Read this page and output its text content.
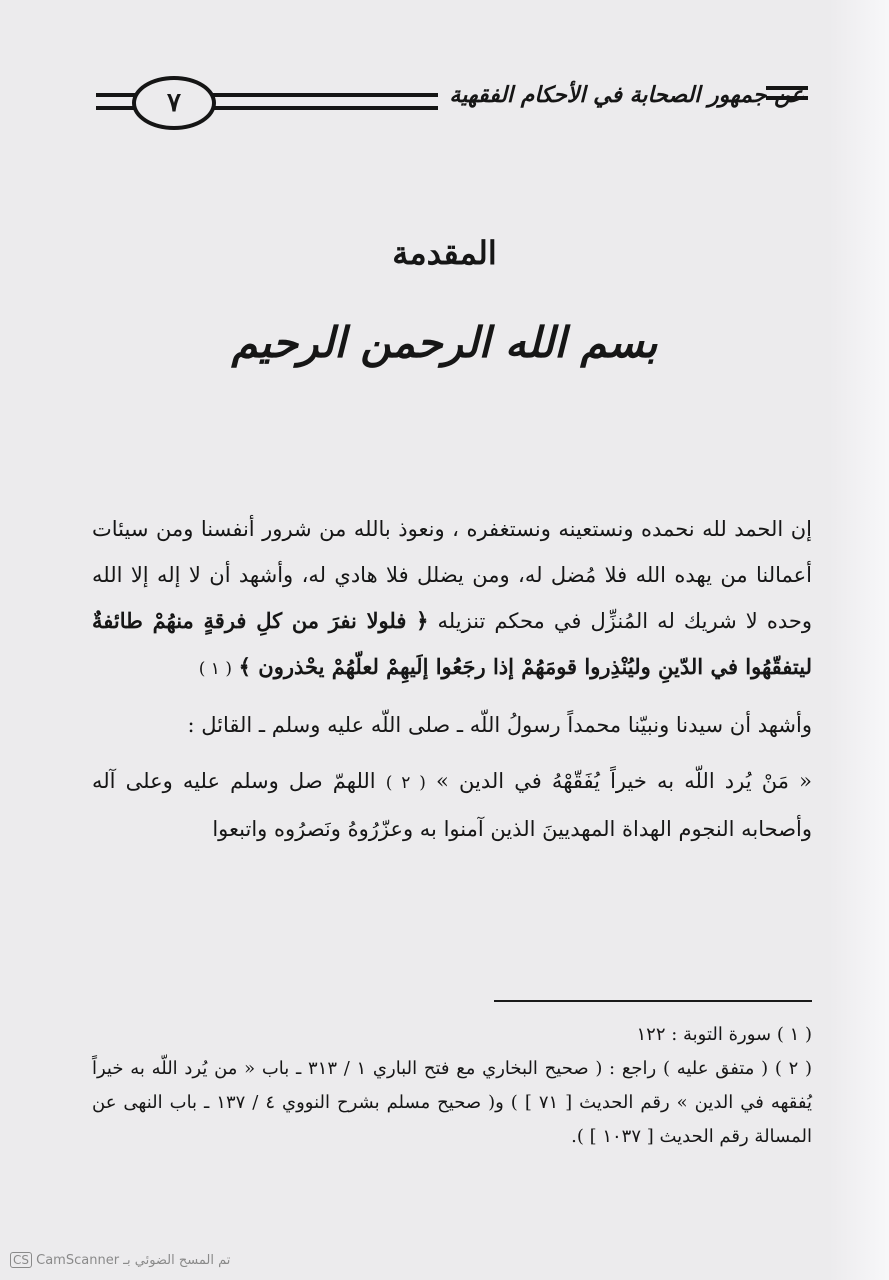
عن جمهور الصحابة في الأحكام الفقهية
٧
المقدمة
بسم الله الرحمن الرحيم

إن الحمد لله نحمده ونستعينه ونستغفره ، ونعوذ بالله من شرور أنفسنا ومن سيئات أعمالنا من يهده الله فلا مُضل له، ومن يضلل فلا هادي له، وأشهد أن لا إله إلا الله وحده لا شريك له المُنزِّل في محكم تنزيله ﴿ فلولا نفرَ من كلِ فرقةٍ منهُمْ طائفةٌ ليتفقّهُوا في الدّينِ وليُنْذِروا قومَهُمْ إذا رجَعُوا إلَيهِمْ لعلّهُمْ يحْذرون ﴾ ( ١ )

وأشهد أن سيدنا ونبيّنا محمداً رسولُ اللّه ـ صلى اللّه عليه وسلم ـ القائل :

« مَنْ يُرد اللّه به خيراً يُفَقّهْهُ في الدين » ( ٢ ) اللهمّ صل وسلم عليه وعلى آله وأصحابه النجوم الهداة المهديينَ الذين آمنوا به وعزّرُوهُ ونَصرُوه واتبعوا

( ١ ) سورة التوبة : ١٢٢

( ٢ ) ( متفق عليه ) راجع : ( صحيح البخاري مع فتح الباري ١ / ٣١٣ ـ باب « من يُرد اللّه به خيراً يُفقهه في الدين » رقم الحديث [ ٧١ ] ) و( صحيح مسلم بشرح النووي ٤ / ١٣٧ ـ باب النهى عن المسالة رقم الحديث [ ١٠٣٧ ] ).

تم المسح الضوئي بـ CamScanner CS
